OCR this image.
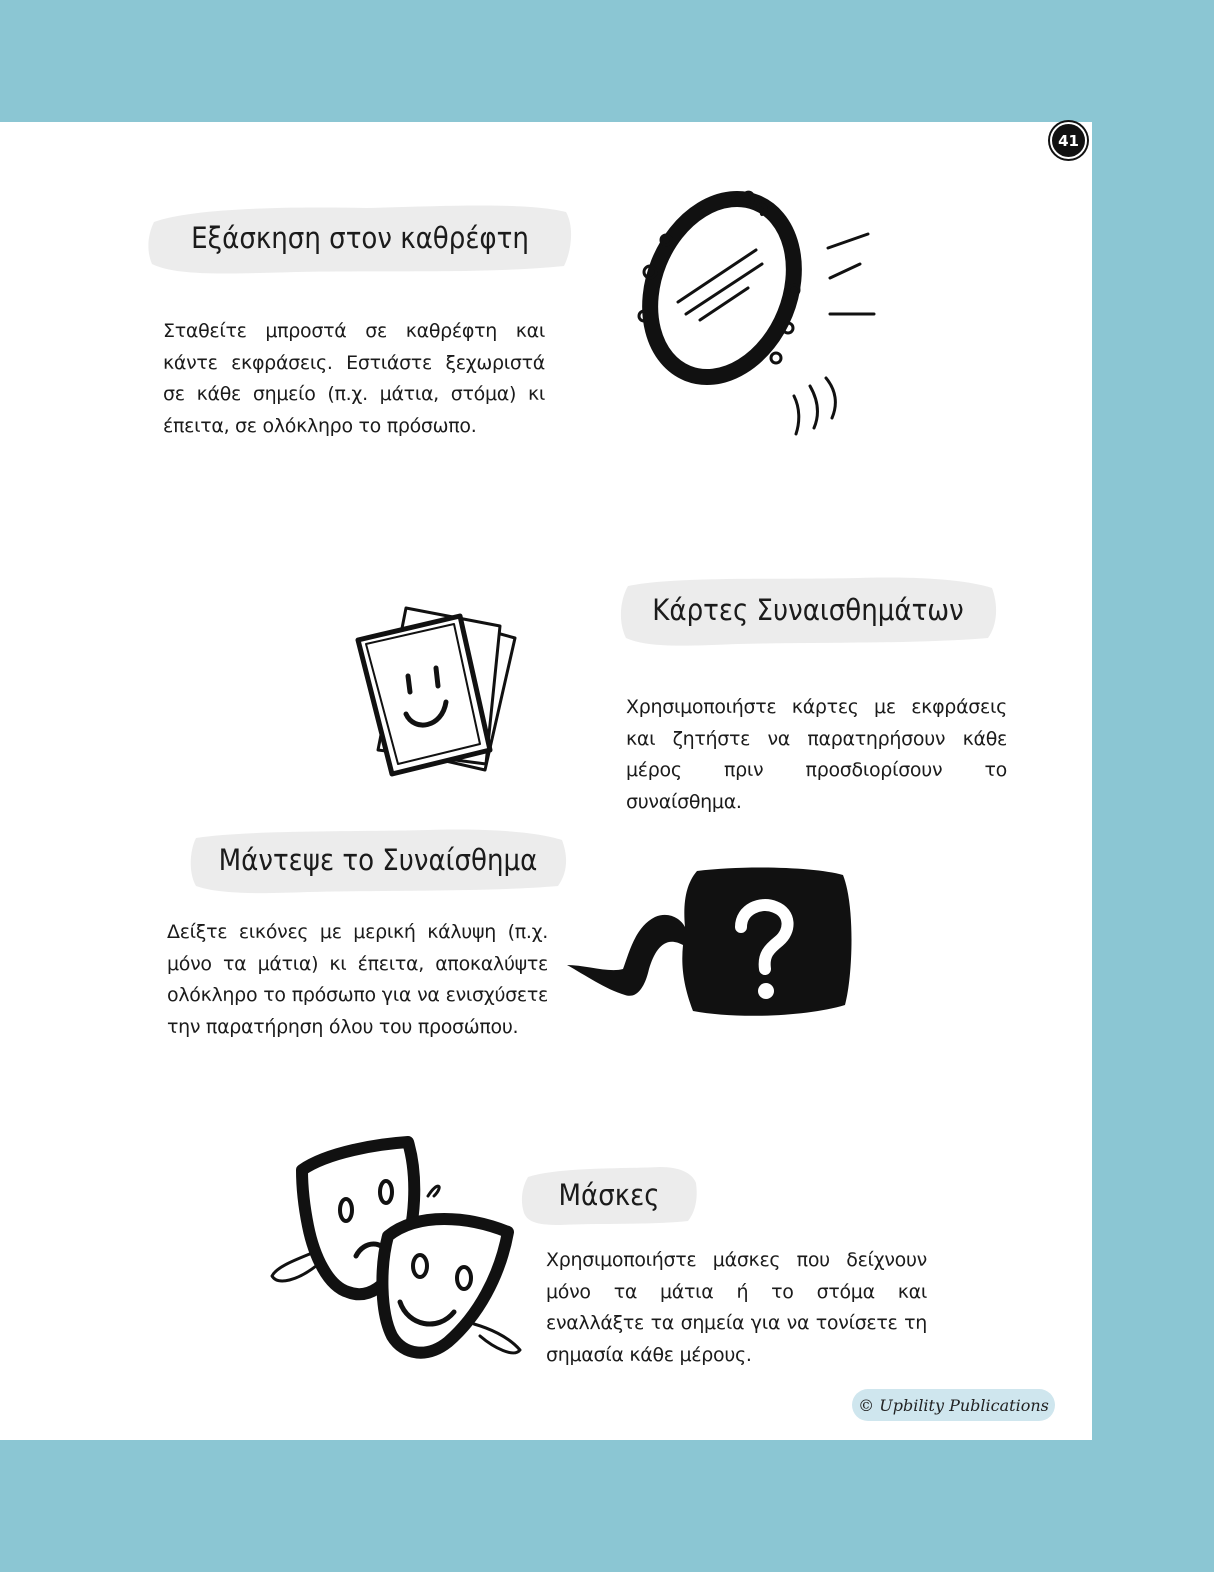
41
Εξάσκηση στον καθρέφτη
Σταθείτε μπροστά σε καθρέφτη και κάντε εκφράσεις. Εστιάστε ξεχωριστά σε κάθε σημείο (π.χ. μάτια, στόμα) κι έπειτα, σε ολόκληρο το πρόσωπο.
Κάρτες Συναισθημάτων
Χρησιμοποιήστε κάρτες με εκφράσεις και ζητήστε να παρατηρήσουν κάθε μέρος πριν προσδιορίσουν το συναίσθημα.
Μάντεψε το Συναίσθημα
Δείξτε εικόνες με μερική κάλυψη (π.χ. μόνο τα μάτια) κι έπειτα, αποκαλύψτε ολόκληρο το πρόσωπο για να ενισχύσετε την παρατήρηση όλου του προσώπου.
Μάσκες
Χρησιμοποιήστε μάσκες που δείχνουν μόνο τα μάτια ή το στόμα και εναλλάξτε τα σημεία για να τονίσετε τη σημασία κάθε μέρους.
© Upbility Publications
